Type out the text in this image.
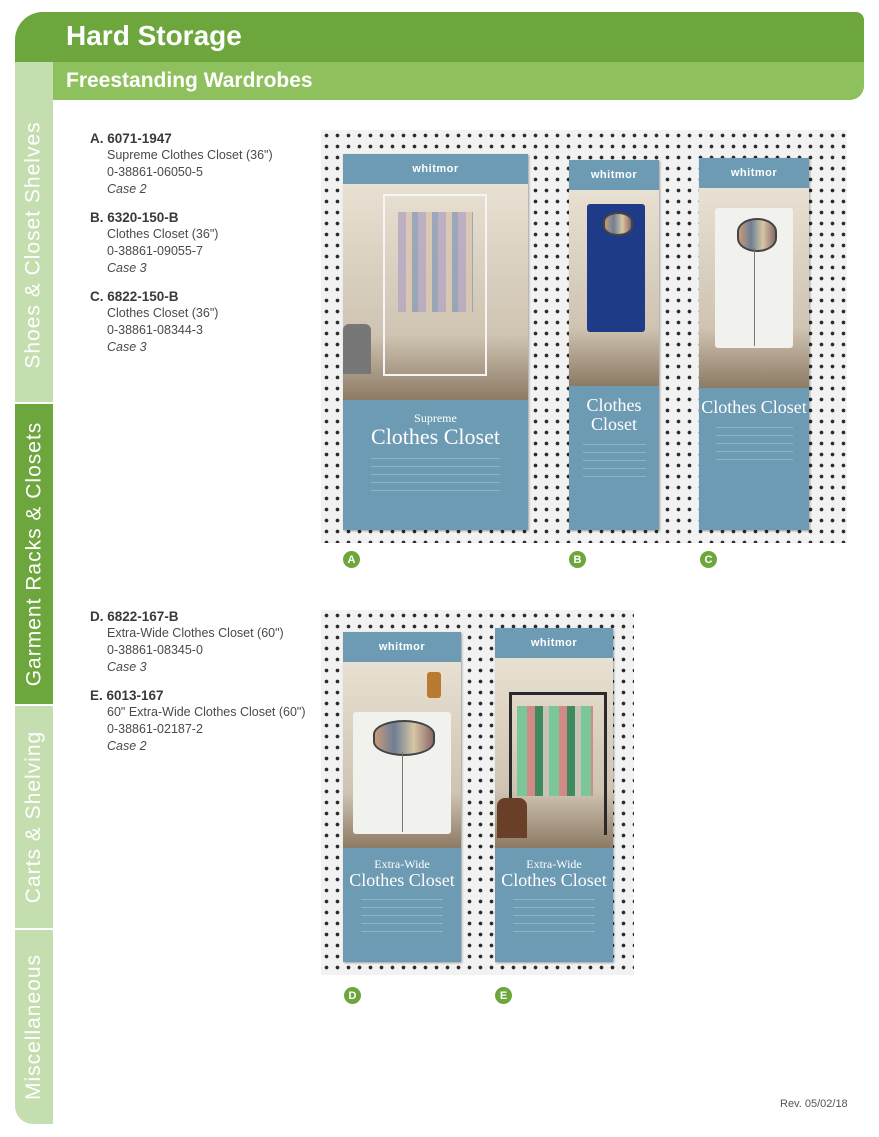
Shoes & Closet Shelves
Garment Racks & Closets
Carts & Shelving
Miscellaneous
Hard Storage
Freestanding Wardrobes
A. 6071-1947
Supreme Clothes Closet (36")
0-38861-06050-5
Case 2
B. 6320-150-B
Clothes Closet (36")
0-38861-09055-7
Case 3
C. 6822-150-B
Clothes Closet (36")
0-38861-08344-3
Case 3
whitmor
Supreme
Clothes Closet
whitmor
Clothes Closet
whitmor
Clothes Closet
A	B	C
D. 6822-167-B
Extra-Wide Clothes Closet (60")
0-38861-08345-0
Case 3
E. 6013-167
60" Extra-Wide Clothes Closet (60")
0-38861-02187-2
Case 2
whitmor
Extra-Wide
Clothes Closet
whitmor
Extra-Wide
Clothes Closet
D	E
Rev. 05/02/18
